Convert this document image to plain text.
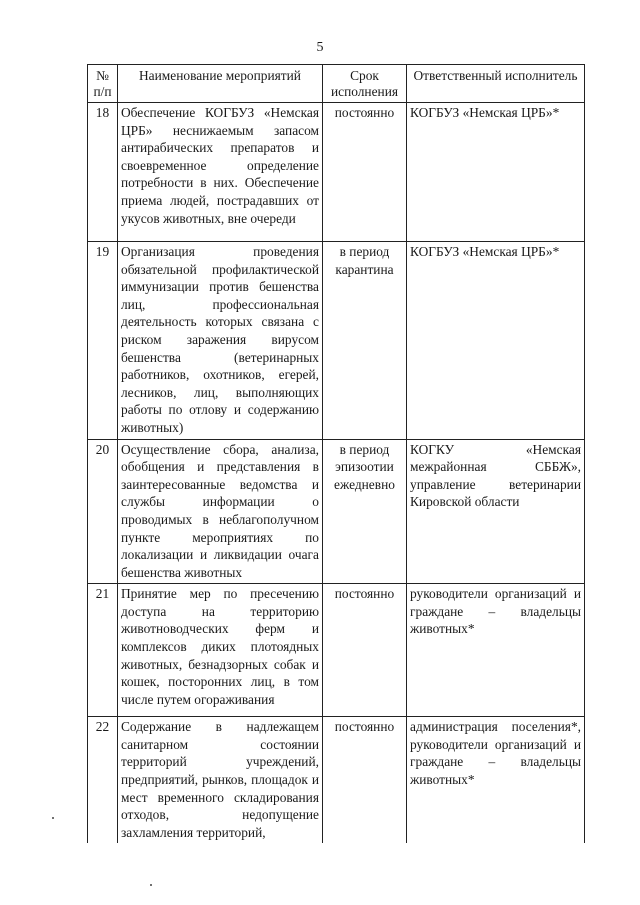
5
№ п/п	Наименование мероприятий	Срок исполнения	Ответственный исполнитель
18	Обеспечение КОГБУЗ «Немская ЦРБ» неснижаемым запасом антирабических препаратов и своевременное определение потребности в них. Обеспечение приема людей, пострадавших от укусов животных, вне очереди	постоянно	КОГБУЗ «Немская ЦРБ»*
19	Организация проведения обязательной профилактической иммунизации против бешенства лиц, профессиональная деятельность которых связана с риском заражения вирусом бешенства (ветеринарных работников, охотников, егерей, лесников, лиц, выполняющих работы по отлову и содержанию животных)	в период карантина	КОГБУЗ «Немская ЦРБ»*
20	Осуществление сбора, анализа, обобщения и представления в заинтересованные ведомства и службы информации о проводимых в неблагополучном пункте мероприятиях по локализации и ликвидации очага бешенства животных	в период эпизоотии ежедневно	КОГКУ «Немская межрайонная СББЖ», управление ветеринарии Кировской области
21	Принятие мер по пресечению доступа на территорию животноводческих ферм и комплексов диких плотоядных животных, безнадзорных собак и кошек, посторонних лиц, в том числе путем огораживания	постоянно	руководители организаций и граждане – владельцы животных*
22	Содержание в надлежащем санитарном состоянии территорий учреждений, предприятий, рынков, площадок и мест временного складирования отходов, недопущение захламления территорий,	постоянно	администрация поселения*, руководители организаций и граждане – владельцы животных*
